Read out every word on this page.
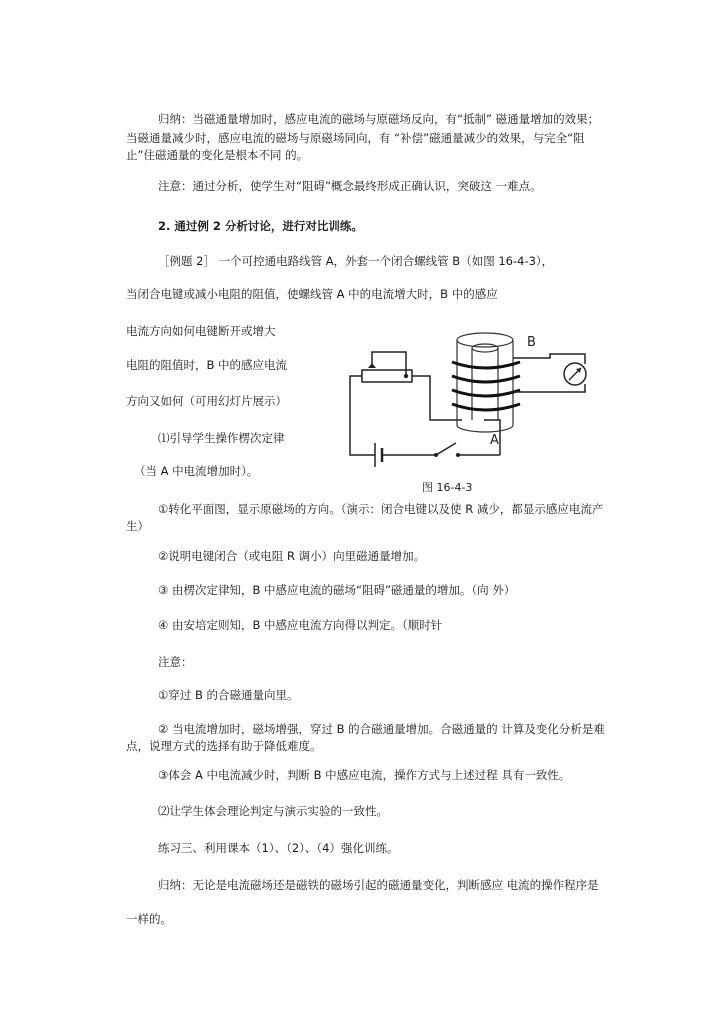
归纳：当磁通量增加时，感应电流的磁场与原磁场反向，有“抵制” 磁通量增加的效果；
当磁通量减少时，感应电流的磁场与原磁场同向，有 “补偿”磁通量减少的效果，与完全“阻
止”住磁通量的变化是根本不同 的。
注意：通过分析，使学生对“阻碍”概念最终形成正确认识，突破这 一难点。
2. 通过例 2 分析讨论，进行对比训练。
［例题 2］ 一个可控通电路线管 A，外套一个闭合螺线管 B（如图 16-4-3），
当闭合电键或减小电阻的阻值，使螺线管 A 中的电流增大时，B 中的感应
电流方向如何电键断开或增大
电阻的阻值时，B 中的感应电流
方向又如何（可用幻灯片展示）
⑴引导学生操作楞次定律
（当 A 中电流增加时）。
B
A
图 16-4-3
①转化平面图，显示原磁场的方向。（演示：闭合电键以及使 R 减少，都显示感应电流产
生）
②说明电键闭合（或电阻 R 调小）向里磁通量增加。
③ 由楞次定律知，B 中感应电流的磁场“阻碍”磁通量的增加。（向 外）
④ 由安培定则知，B 中感应电流方向得以判定。（顺时针
注意：
①穿过 B 的合磁通量向里。
② 当电流增加时，磁场增强，穿过 B 的合磁通量增加。合磁通量的 计算及变化分析是难
点，说理方式的选择有助于降低难度。
③体会 A 中电流减少时，判断 B 中感应电流，操作方式与上述过程 具有一致性。
⑵让学生体会理论判定与演示实验的一致性。
练习三、利用课本（1）、（2）、（4）强化训练。
归纳：无论是电流磁场还是磁铁的磁场引起的磁通量变化，判断感应 电流的操作程序是
一样的。
